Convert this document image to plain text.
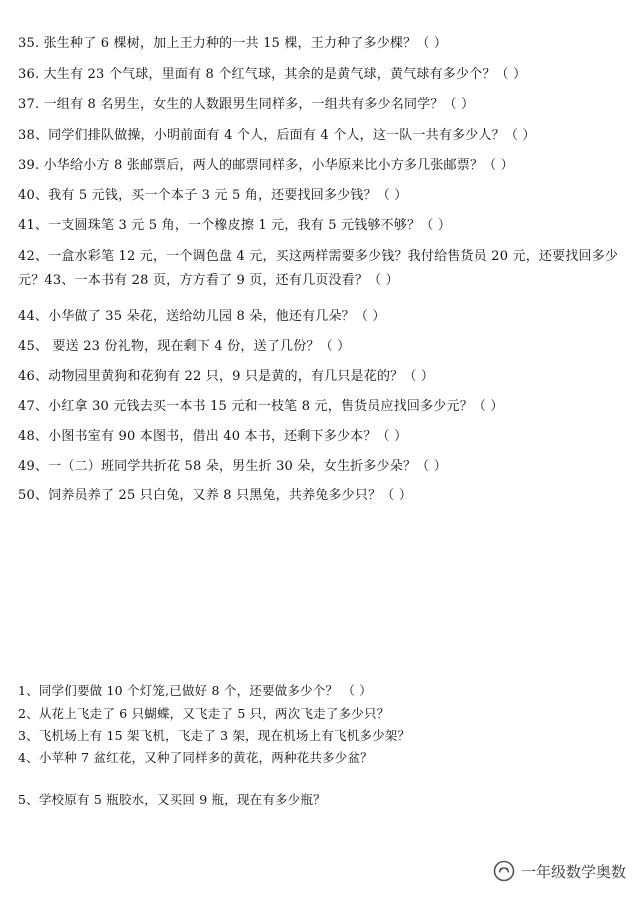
35. 张生种了 6 棵树，加上王力种的一共 15 棵，王力种了多少棵？（ ）
36. 大生有 23 个气球，里面有 8 个红气球，其余的是黄气球，黄气球有多少个？（ ）
37. 一组有 8 名男生，女生的人数跟男生同样多，一组共有多少名同学？（ ）
38、同学们排队做操，小明前面有 4 个人，后面有 4 个人，这一队一共有多少人？（ ）
39. 小华给小方 8 张邮票后，两人的邮票同样多，小华原来比小方多几张邮票？（ ）
40、我有 5 元钱，买一个本子 3 元 5 角，还要找回多少钱？（ ）
41、一支圆珠笔 3 元 5 角，一个橡皮擦 1 元，我有 5 元钱够不够？（ ）
42、一盒水彩笔 12 元，一个调色盘 4 元，买这两样需要多少钱？我付给售货员 20 元，还要找回多少元？43、一本书有 28 页，方方看了 9 页，还有几页没看？（ ）
44、小华做了 35 朵花，送给幼儿园 8 朵，他还有几朵？（ ）
45、 要送 23 份礼物，现在剩下 4 份，送了几份？（ ）
46、动物园里黄狗和花狗有 22 只，9 只是黄的，有几只是花的？（ ）
47、小红拿 30 元钱去买一本书 15 元和一枝笔 8 元，售货员应找回多少元？（ ）
48、小图书室有 90 本图书，借出 40 本书，还剩下多少本？（ ）
49、一（二）班同学共折花 58 朵，男生折 30 朵，女生折多少朵？（ ）
50、饲养员养了 25 只白兔，又养 8 只黑兔，共养兔多少只？（ ）
1、同学们要做 10 个灯笼,已做好 8 个，还要做多少个？ （ ）
2、从花上飞走了 6 只蝴蝶，又飞走了 5 只，两次飞走了多少只？
3、飞机场上有 15 架飞机，飞走了 3 架，现在机场上有飞机多少架？
4、小苹种 7 盆红花，又种了同样多的黄花，两种花共多少盆？
5、学校原有 5 瓶胶水，又买回 9 瓶，现在有多少瓶？
一年级数学奥数
